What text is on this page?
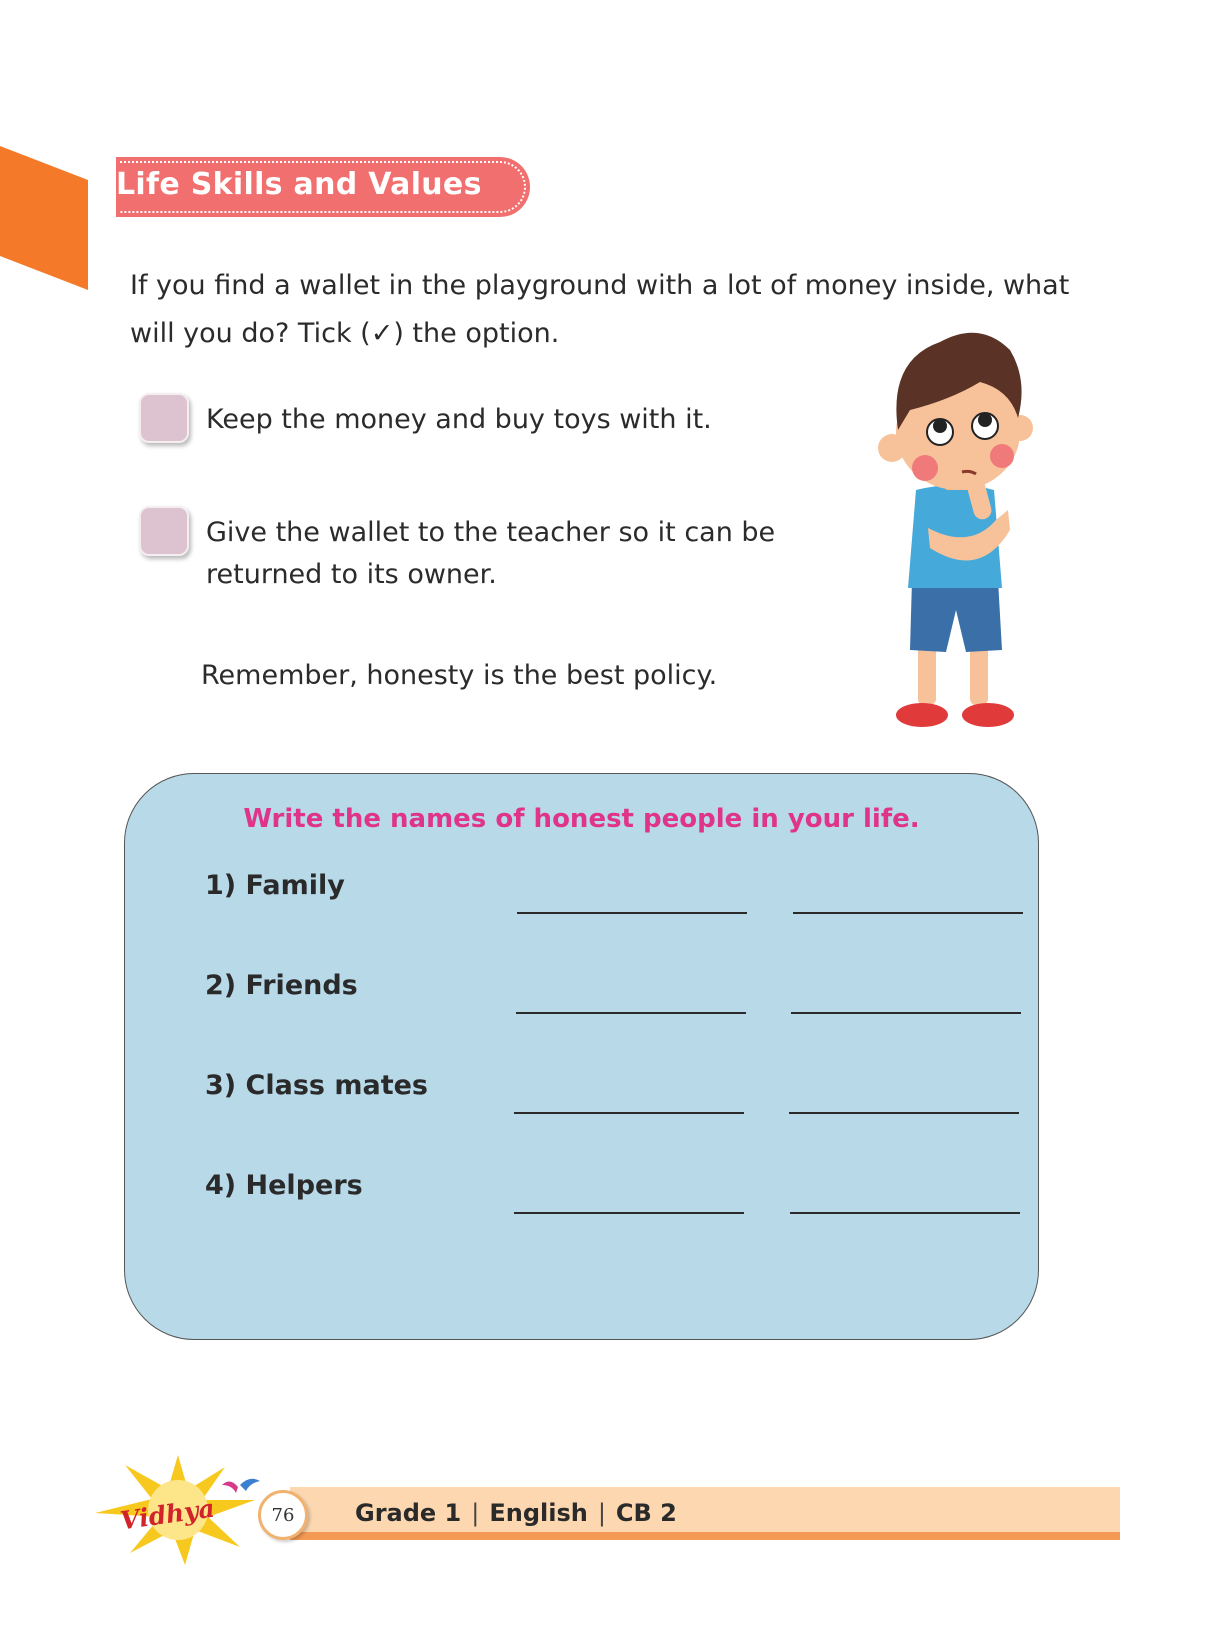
Life Skills and Values
If you find a wallet in the playground with a lot of money inside, what
will you do? Tick (✓) the option.
Keep the money and buy toys with it.
Give the wallet to the teacher so it can be
returned to its owner.
Remember, honesty is the best policy.
Write the names of honest people in your life.
1) Family
2) Friends
3) Class mates
4) Helpers
Vidhya	76	Grade 1 | English | CB 2
